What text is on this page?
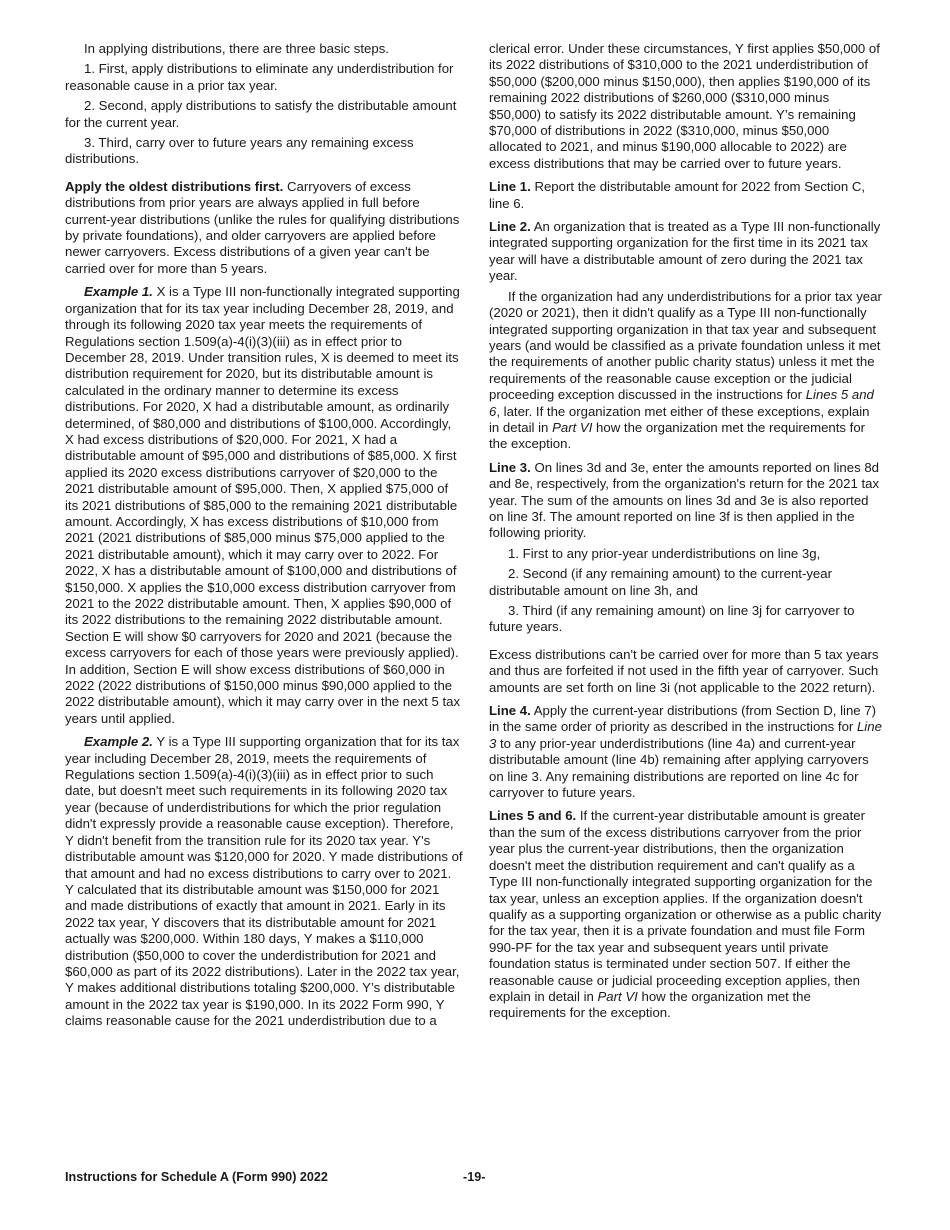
In applying distributions, there are three basic steps.

1. First, apply distributions to eliminate any underdistribution for reasonable cause in a prior tax year.

2. Second, apply distributions to satisfy the distributable amount for the current year.

3. Third, carry over to future years any remaining excess distributions.

Apply the oldest distributions first. Carryovers of excess distributions from prior years are always applied in full before current-year distributions (unlike the rules for qualifying distributions by private foundations), and older carryovers are applied before newer carryovers. Excess distributions of a given year can't be carried over for more than 5 years.

Example 1. X is a Type III non-functionally integrated supporting organization that for its tax year including December 28, 2019, and through its following 2020 tax year meets the requirements of Regulations section 1.509(a)-4(i)(3)(iii) as in effect prior to December 28, 2019. Under transition rules, X is deemed to meet its distribution requirement for 2020, but its distributable amount is calculated in the ordinary manner to determine its excess distributions. For 2020, X had a distributable amount, as ordinarily determined, of $80,000 and distributions of $100,000. Accordingly, X had excess distributions of $20,000. For 2021, X had a distributable amount of $95,000 and distributions of $85,000. X first applied its 2020 excess distributions carryover of $20,000 to the 2021 distributable amount of $95,000. Then, X applied $75,000 of its 2021 distributions of $85,000 to the remaining 2021 distributable amount. Accordingly, X has excess distributions of $10,000 from 2021 (2021 distributions of $85,000 minus $75,000 applied to the 2021 distributable amount), which it may carry over to 2022. For 2022, X has a distributable amount of $100,000 and distributions of $150,000. X applies the $10,000 excess distribution carryover from 2021 to the 2022 distributable amount. Then, X applies $90,000 of its 2022 distributions to the remaining 2022 distributable amount. Section E will show $0 carryovers for 2020 and 2021 (because the excess carryovers for each of those years were previously applied). In addition, Section E will show excess distributions of $60,000 in 2022 (2022 distributions of $150,000 minus $90,000 applied to the 2022 distributable amount), which it may carry over in the next 5 tax years until applied.

Example 2. Y is a Type III supporting organization that for its tax year including December 28, 2019, meets the requirements of Regulations section 1.509(a)-4(i)(3)(iii) as in effect prior to such date, but doesn't meet such requirements in its following 2020 tax year (because of underdistributions for which the prior regulation didn't expressly provide a reasonable cause exception). Therefore, Y didn't benefit from the transition rule for its 2020 tax year. Y's distributable amount was $120,000 for 2020. Y made distributions of that amount and had no excess distributions to carry over to 2021. Y calculated that its distributable amount was $150,000 for 2021 and made distributions of exactly that amount in 2021. Early in its 2022 tax year, Y discovers that its distributable amount for 2021 actually was $200,000. Within 180 days, Y makes a $110,000 distribution ($50,000 to cover the underdistribution for 2021 and $60,000 as part of its 2022 distributions). Later in the 2022 tax year, Y makes additional distributions totaling $200,000. Y’s distributable amount in the 2022 tax year is $190,000. In its 2022 Form 990, Y claims reasonable cause for the 2021 underdistribution due to a

clerical error. Under these circumstances, Y first applies $50,000 of its 2022 distributions of $310,000 to the 2021 underdistribution of $50,000 ($200,000 minus $150,000), then applies $190,000 of its remaining 2022 distributions of $260,000 ($310,000 minus $50,000) to satisfy its 2022 distributable amount. Y’s remaining $70,000 of distributions in 2022 ($310,000, minus $50,000 allocated to 2021, and minus $190,000 allocable to 2022) are excess distributions that may be carried over to future years.

Line 1. Report the distributable amount for 2022 from Section C, line 6.

Line 2. An organization that is treated as a Type III non-functionally integrated supporting organization for the first time in its 2021 tax year will have a distributable amount of zero during the 2021 tax year.

If the organization had any underdistributions for a prior tax year (2020 or 2021), then it didn't qualify as a Type III non-functionally integrated supporting organization in that tax year and subsequent years (and would be classified as a private foundation unless it met the requirements of another public charity status) unless it met the requirements of the reasonable cause exception or the judicial proceeding exception discussed in the instructions for Lines 5 and 6, later. If the organization met either of these exceptions, explain in detail in Part VI how the organization met the requirements for the exception.

Line 3. On lines 3d and 3e, enter the amounts reported on lines 8d and 8e, respectively, from the organization's return for the 2021 tax year. The sum of the amounts on lines 3d and 3e is also reported on line 3f. The amount reported on line 3f is then applied in the following priority.

1. First to any prior-year underdistributions on line 3g,

2. Second (if any remaining amount) to the current-year distributable amount on line 3h, and

3. Third (if any remaining amount) on line 3j for carryover to future years.

Excess distributions can't be carried over for more than 5 tax years and thus are forfeited if not used in the fifth year of carryover. Such amounts are set forth on line 3i (not applicable to the 2022 return).

Line 4. Apply the current-year distributions (from Section D, line 7) in the same order of priority as described in the instructions for Line 3 to any prior-year underdistributions (line 4a) and current-year distributable amount (line 4b) remaining after applying carryovers on line 3. Any remaining distributions are reported on line 4c for carryover to future years.

Lines 5 and 6. If the current-year distributable amount is greater than the sum of the excess distributions carryover from the prior year plus the current-year distributions, then the organization doesn't meet the distribution requirement and can't qualify as a Type III non-functionally integrated supporting organization for the tax year, unless an exception applies. If the organization doesn't qualify as a supporting organization or otherwise as a public charity for the tax year, then it is a private foundation and must file Form 990-PF for the tax year and subsequent years until private foundation status is terminated under section 507. If either the reasonable cause or judicial proceeding exception applies, then explain in detail in Part VI how the organization met the requirements for the exception.

Instructions for Schedule A (Form 990) 2022	-19-
